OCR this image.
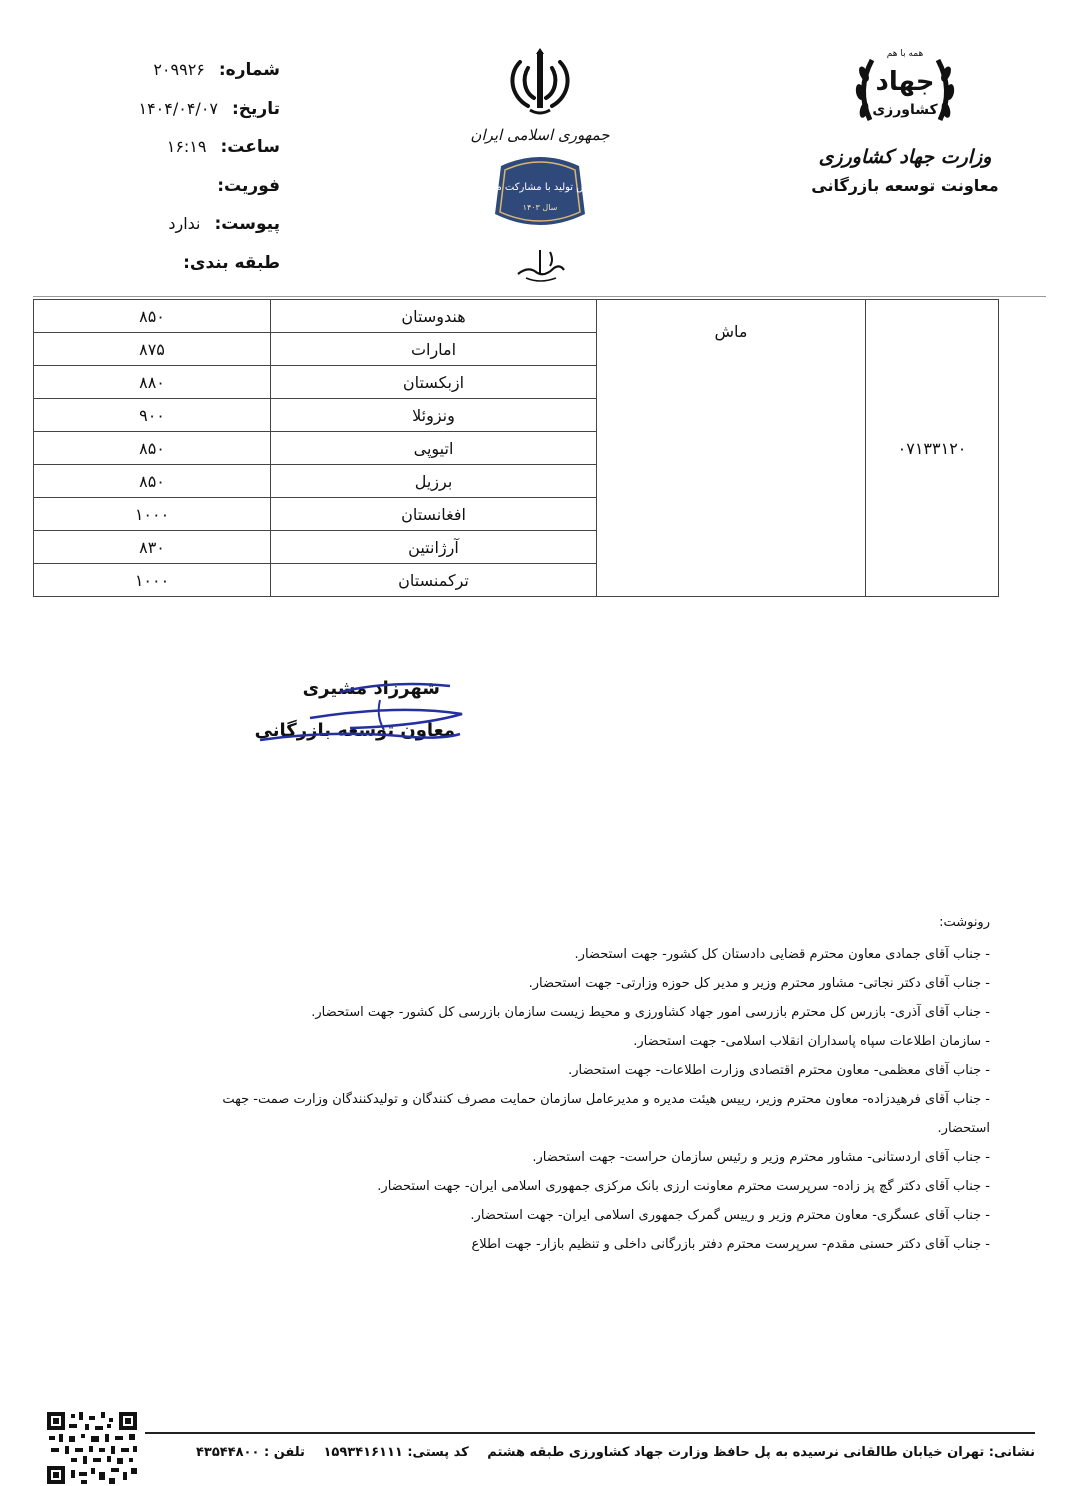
شماره:
۲۰۹۹۲۶
تاریخ:
۱۴۰۴/۰۴/۰۷
ساعت:
۱۶:۱۹
فوریت:
پیوست:
ندارد
طبقه بندی:
جمهوری اسلامی ایران
جهش تولید با مشارکت مردم
سال ۱۴۰۳

همه با هم
جهاد
کشاورزی
وزارت جهاد کشاورزی
معاونت توسعه بازرگانی
۰۷۱۳۳۱۲۰	ماش	هندوستان	۸۵۰
		امارات	۸۷۵
		ازبکستان	۸۸۰
		ونزوئلا	۹۰۰
		اتیوپی	۸۵۰
		برزیل	۸۵۰
		افغانستان	۱۰۰۰
		آرژانتین	۸۳۰
		ترکمنستان	۱۰۰۰
شهرزاد مشیری
معاون توسعه بازرگانی
رونوشت:
- جناب آقای جمادی معاون محترم قضایی دادستان کل کشور- جهت استحضار.
- جناب آقای دکتر نجاتی- مشاور محترم وزیر و مدیر کل حوزه وزارتی- جهت استحضار.
- جناب آقای آذری- بازرس کل محترم بازرسی امور جهاد کشاورزی و محیط زیست سازمان بازرسی کل کشور- جهت استحضار.
- سازمان اطلاعات سپاه پاسداران انقلاب اسلامی- جهت استحضار.
- جناب آقای معظمی- معاون محترم اقتصادی وزارت اطلاعات- جهت استحضار.
- جناب آقای فرهیدزاده- معاون محترم وزیر، رییس هیئت مدیره و مدیرعامل سازمان حمایت مصرف کنندگان و تولیدکنندگان وزارت صمت- جهت
استحضار.
- جناب آقای اردستانی- مشاور محترم وزیر و رئیس سازمان حراست- جهت استحضار.
- جناب آقای دکتر گچ پز زاده- سرپرست محترم معاونت ارزی بانک مرکزی جمهوری اسلامی ایران- جهت استحضار.
- جناب آقای عسگری- معاون محترم وزیر و رییس گمرک جمهوری اسلامی ایران- جهت استحضار.
- جناب آقای دکتر حسنی مقدم- سرپرست محترم دفتر بازرگانی داخلی و تنظیم بازار- جهت اطلاع
نشانی: تهران خیابان طالقانی نرسیده به پل حافظ وزارت جهاد کشاورزی طبقه هشتم کد پستی: ۱۵۹۳۴۱۶۱۱۱ تلفن : ۴۳۵۴۴۸۰۰
